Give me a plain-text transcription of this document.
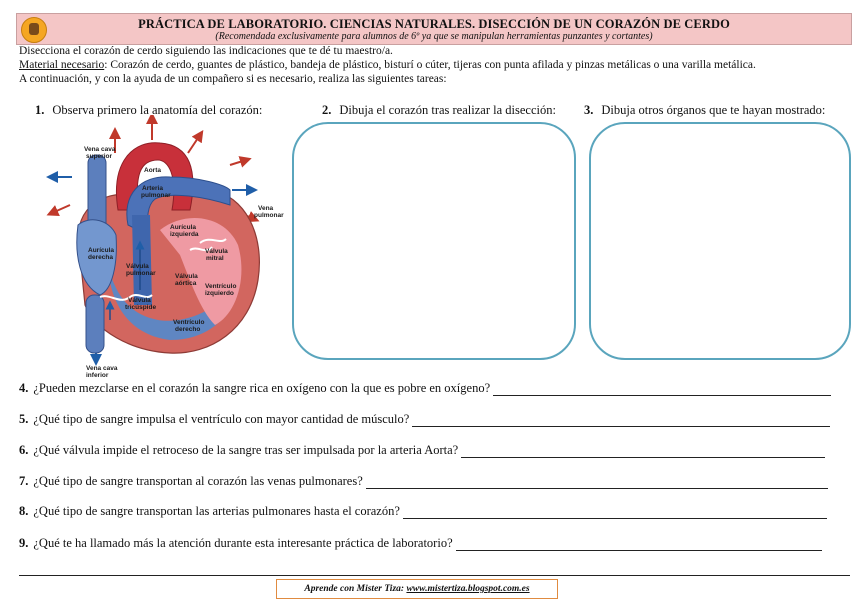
PRÁCTICA DE LABORATORIO. CIENCIAS NATURALES. DISECCIÓN DE UN CORAZÓN DE CERDO
(Recomendada exclusivamente para alumnos de 6º ya que se manipulan herramientas punzantes y cortantes)
Disecciona el corazón de cerdo siguiendo las indicaciones que te dé tu maestro/a.
Material necesario: Corazón de cerdo, guantes de plástico, bandeja de plástico, bisturí o cúter, tijeras con punta afilada y pinzas metálicas o una varilla metálica.
A continuación, y con la ayuda de un compañero si es necesario, realiza las siguientes tareas:
1. Observa primero la anatomía del corazón:	2. Dibuja el corazón tras realizar la disección: 3. Dibuja otros órganos que te hayan mostrado:
Vena cava
superior
Aorta
Arteria
pulmonar
Vena
pulmonar
Aurícula
izquierda
Aurícula
derecha
Válvula
pulmonar
Válvula
mitral
Válvula
aórtica Ventrículo
izquierdo
Válvula
tricúspide
Ventrículo
derecho
Vena cava
inferior
4. ¿Pueden mezclarse en el corazón la sangre rica en oxígeno con la que es pobre en oxígeno?
5. ¿Qué tipo de sangre impulsa el ventrículo con mayor cantidad de músculo?
6. ¿Qué válvula impide el retroceso de la sangre tras ser impulsada por la arteria Aorta?
7. ¿Qué tipo de sangre transportan al corazón las venas pulmonares?
8. ¿Qué tipo de sangre transportan las arterias pulmonares hasta el corazón?
9. ¿Qué te ha llamado más la atención durante esta interesante práctica de laboratorio?
Aprende con Mister Tiza: www.mistertiza.blogspot.com.es
